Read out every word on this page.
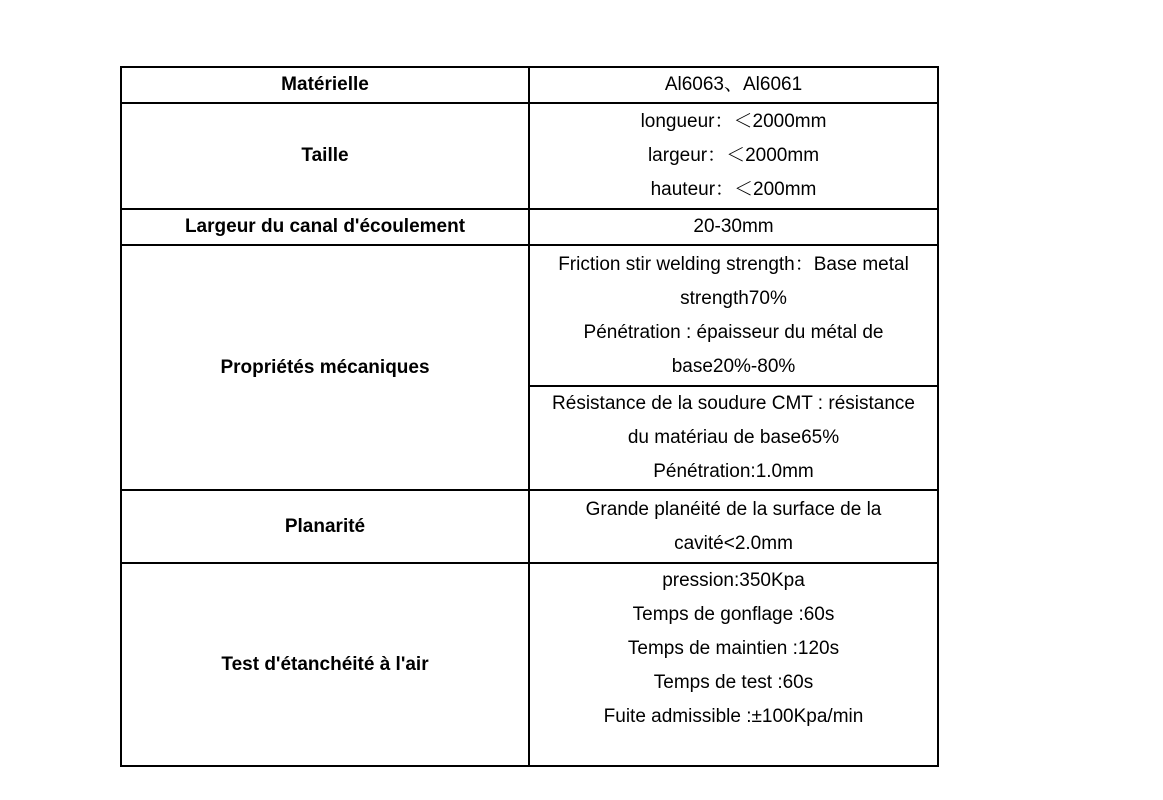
Matérielle	Al6063、Al6061

Taille	longueur：＜2000mm
largeur：＜2000mm
hauteur：＜200mm

Largeur du canal d'écoulement	20-30mm

Propriétés mécaniques	Friction stir welding strength：Base metal
strength70%
Pénétration : épaisseur du métal de
base20%-80%

	Résistance de la soudure CMT : résistance
du matériau de base65%
Pénétration:1.0mm

Planarité	Grande planéité de la surface de la
cavité<2.0mm

Test d'étanchéité à l'air	pression:350Kpa
Temps de gonflage :60s
Temps de maintien :120s
Temps de test :60s
Fuite admissible :±100Kpa/min
